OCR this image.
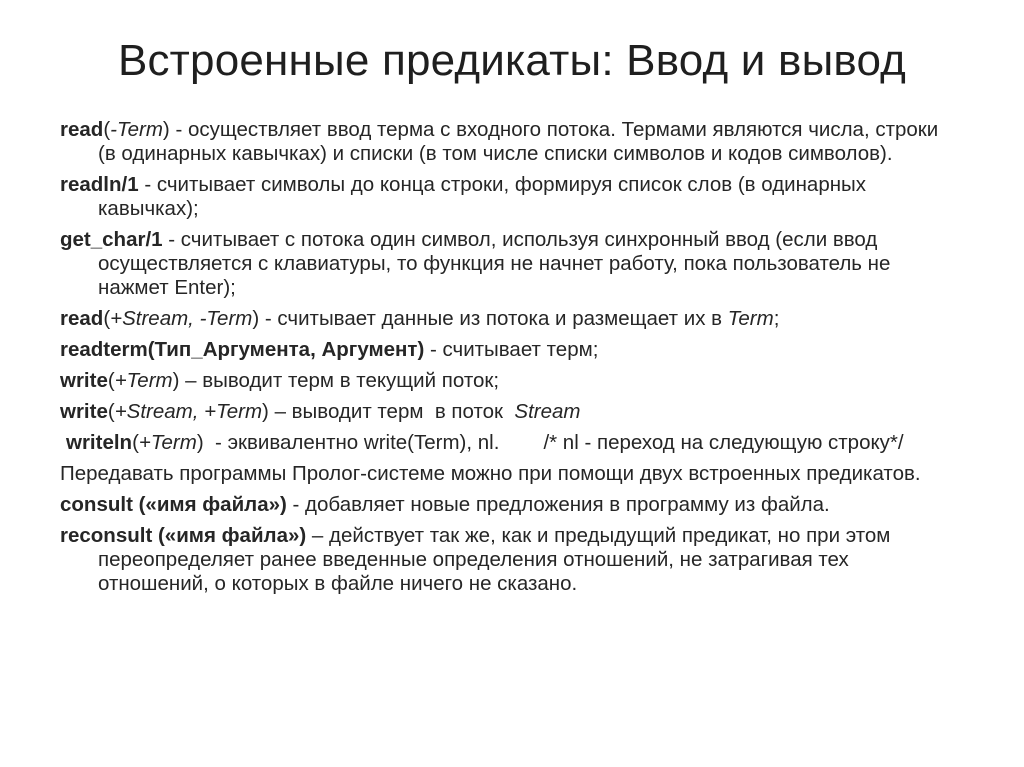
Встроенные предикаты: Ввод и вывод

read(-Term) - осуществляет ввод терма с входного потока. Термами являются числа, строки (в одинарных кавычках) и списки (в том числе списки символов и кодов символов).

readln/1 - считывает символы до конца строки, формируя список слов (в одинарных кавычках);

get_char/1 - считывает с потока один символ, используя синхронный ввод (если ввод осуществляется с клавиатуры, то функция не начнет работу, пока пользователь не нажмет Enter);

read(+Stream, -Term) - считывает данные из потока и размещает их в Term;

readterm(Тип_Аргумента, Аргумент) - считывает терм;

write(+Term) – выводит терм в текущий поток;

write(+Stream, +Term) – выводит терм  в поток  Stream

writeln(+Term)  - эквивалентно write(Term), nl. /* nl - переход на следующую строку*/

Передавать программы Пролог-системе можно при помощи двух встроенных предикатов.

consult («имя файла») - добавляет новые предложения в программу из файла.

reconsult («имя файла») – действует так же, как и предыдущий предикат, но при этом переопределяет ранее введенные определения отношений, не затрагивая тех отношений, о которых в файле ничего не сказано.
